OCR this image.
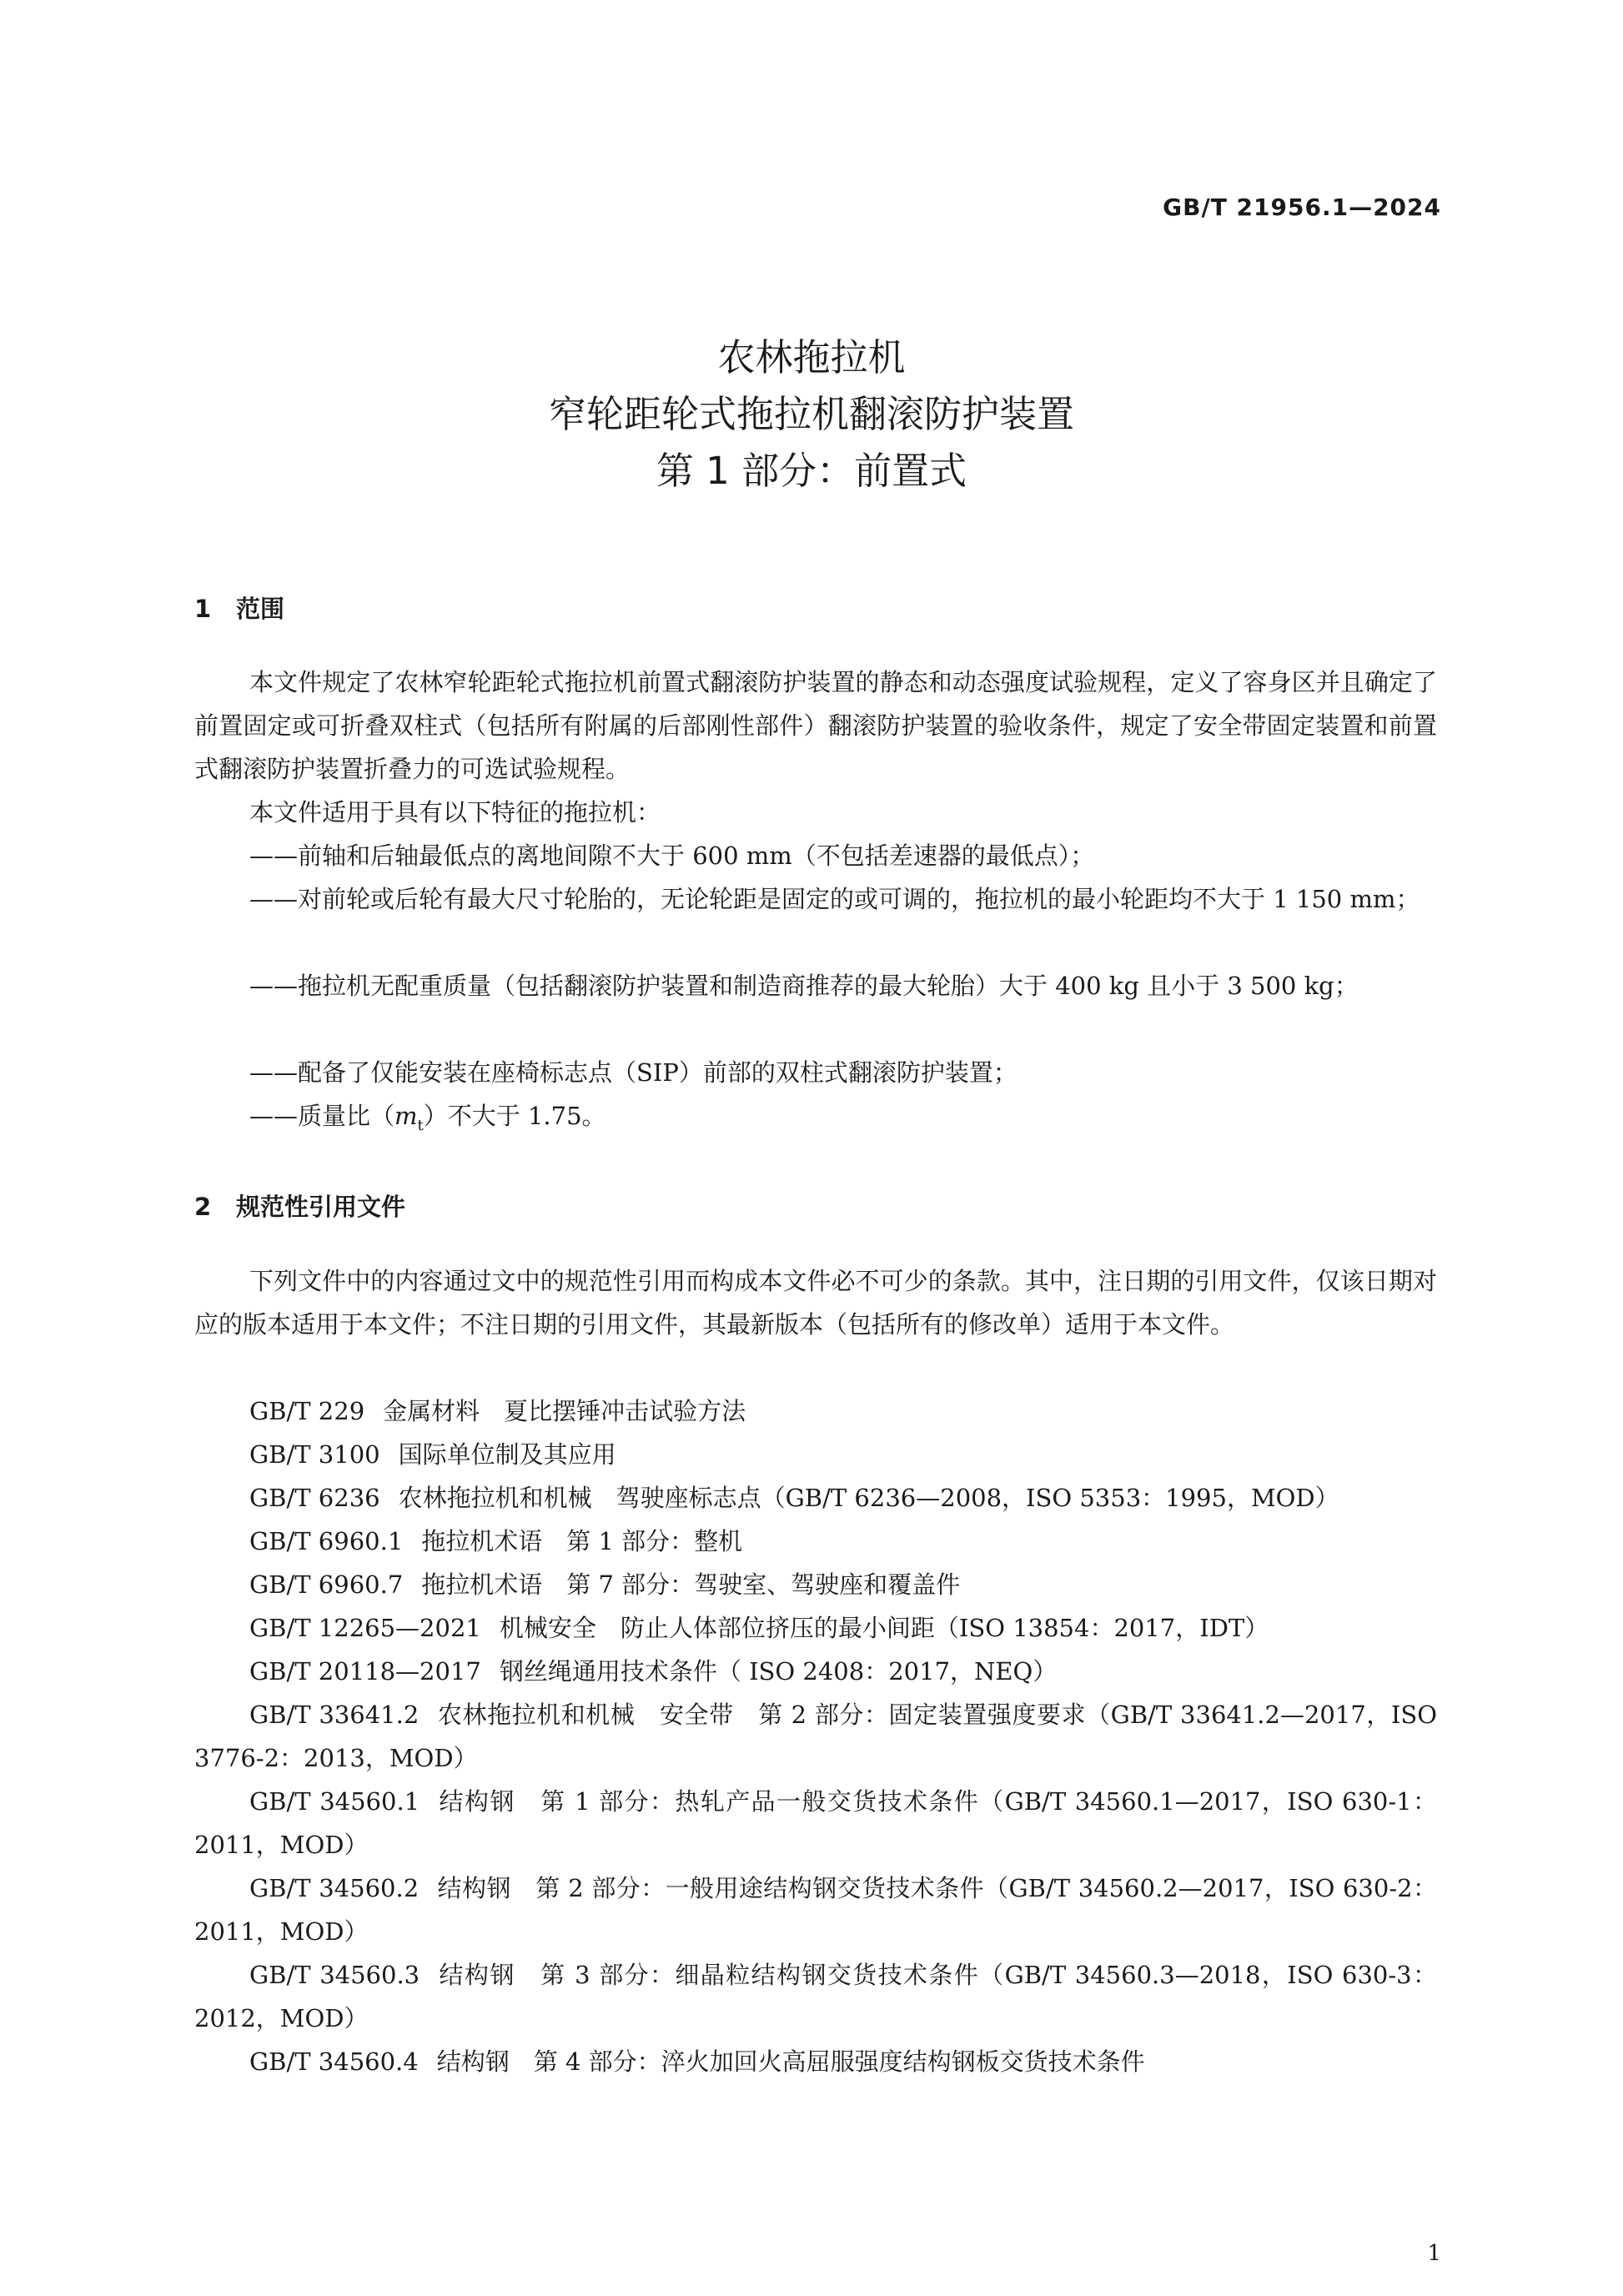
GB/T 21956.1—2024
农林拖拉机
窄轮距轮式拖拉机翻滚防护装置
第 1 部分：前置式
1 范围

本文件规定了农林窄轮距轮式拖拉机前置式翻滚防护装置的静态和动态强度试验规程，定义了容身区并且确定了前置固定或可折叠双柱式（包括所有附属的后部刚性部件）翻滚防护装置的验收条件，规定了安全带固定装置和前置式翻滚防护装置折叠力的可选试验规程。

本文件适用于具有以下特征的拖拉机：

——前轴和后轴最低点的离地间隙不大于 600 mm（不包括差速器的最低点）；

——对前轮或后轮有最大尺寸轮胎的，无论轮距是固定的或可调的，拖拉机的最小轮距均不大于 1 150 mm；

——拖拉机无配重质量（包括翻滚防护装置和制造商推荐的最大轮胎）大于 400 kg 且小于 3 500 kg；

——配备了仅能安装在座椅标志点（SIP）前部的双柱式翻滚防护装置；

——质量比$(m_t)$不大于 1.75。

2 规范性引用文件

下列文件中的内容通过文中的规范性引用而构成本文件必不可少的条款。其中，注日期的引用文件，仅该日期对应的版本适用于本文件；不注日期的引用文件，其最新版本（包括所有的修改单）适用于本文件。

GB/T 229 金属材料　夏比摆锤冲击试验方法

GB/T 3100 国际单位制及其应用

GB/T 6236 农林拖拉机和机械　驾驶座标志点（GB/T 6236—2008，ISO 5353：1995，MOD）

GB/T 6960.1 拖拉机术语　第 1 部分：整机

GB/T 6960.7 拖拉机术语　第 7 部分：驾驶室、驾驶座和覆盖件

GB/T 12265—2021 机械安全　防止人体部位挤压的最小间距（ISO 13854：2017，IDT）

GB/T 20118—2017 钢丝绳通用技术条件（ ISO 2408：2017，NEQ）

GB/T 33641.2 农林拖拉机和机械　安全带　第 2 部分：固定装置强度要求（GB/T 33641.2—2017，ISO 3776-2：2013，MOD）

GB/T 34560.1 结构钢　第 1 部分：热轧产品一般交货技术条件（GB/T 34560.1—2017，ISO 630-1：2011，MOD）

GB/T 34560.2 结构钢　第 2 部分：一般用途结构钢交货技术条件（GB/T 34560.2—2017，ISO 630-2：2011，MOD）

GB/T 34560.3 结构钢　第 3 部分：细晶粒结构钢交货技术条件（GB/T 34560.3—2018，ISO 630-3：2012，MOD）

GB/T 34560.4 结构钢　第 4 部分：淬火加回火高屈服强度结构钢板交货技术条件

1
